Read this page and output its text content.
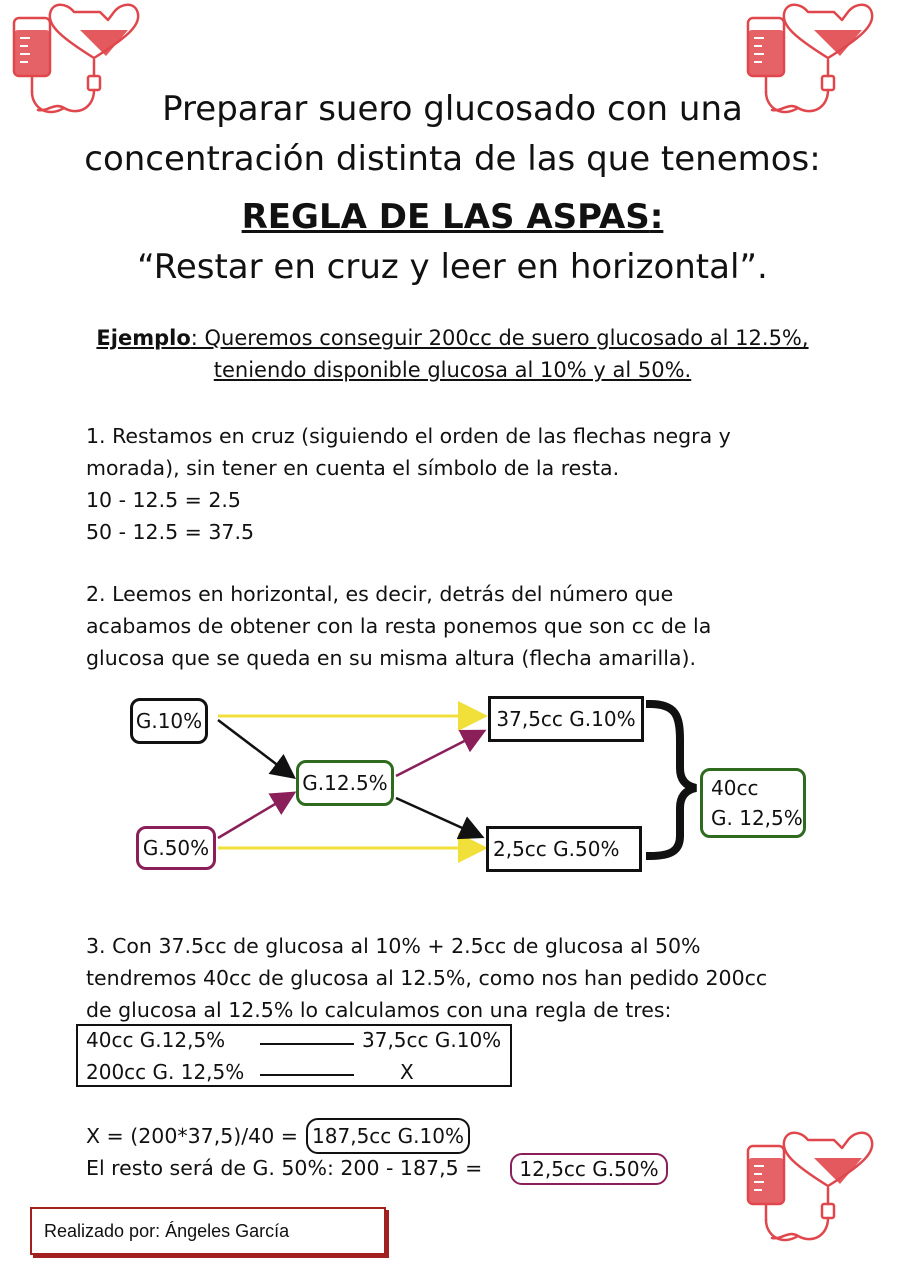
Preparar suero glucosado con una
concentración distinta de las que tenemos:
REGLA DE LAS ASPAS:
“Restar en cruz y leer en horizontal”.
Ejemplo: Queremos conseguir 200cc de suero glucosado al 12.5%,
teniendo disponible glucosa al 10% y al 50%.
1. Restamos en cruz (siguiendo el orden de las flechas negra y
morada), sin tener en cuenta el símbolo de la resta.
10 - 12.5 = 2.5
50 - 12.5 = 37.5
2. Leemos en horizontal, es decir, detrás del número que
acabamos de obtener con la resta ponemos que son cc de la
glucosa que se queda en su misma altura (flecha amarilla).
G.10%
G.50%
G.12.5%
37,5cc G.10%
2,5cc G.50%
40cc
G. 12,5%
3. Con 37.5cc de glucosa al 10% + 2.5cc de glucosa al 50%
tendremos 40cc de glucosa al 12.5%, como nos han pedido 200cc
de glucosa al 12.5% lo calculamos con una regla de tres:
40cc G.12,5%	37,5cc G.10%
200cc G. 12,5%	X
X = (200*37,5)/40 = 187,5cc G.10%
El resto será de G. 50%: 200 - 187,5 =	12,5cc G.50%
Realizado por: Ángeles García
